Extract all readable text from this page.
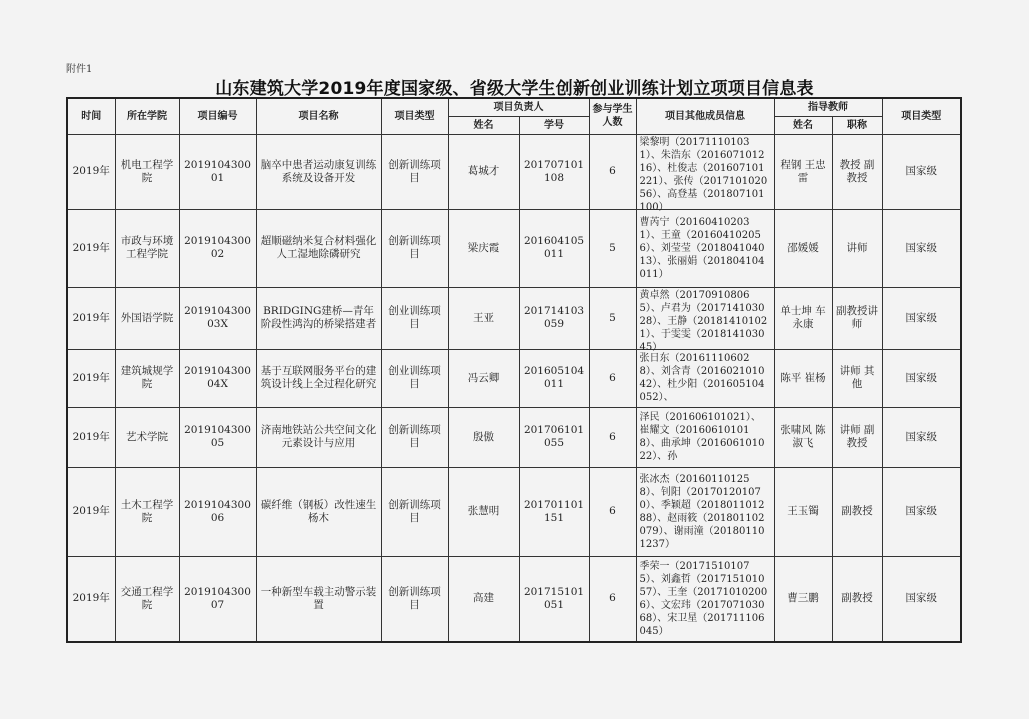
附件1
山东建筑大学2019年度国家级、省级大学生创新创业训练计划立项项目信息表
时间	所在学院	项目编号	项目名称	项目类型	项目负责人		参与学生人数	项目其他成员信息	指导教师		项目类型
					姓名	学号			姓名	职称	
2019年	机电工程学院	201910430001	脑卒中患者运动康复训练系统及设备开发	创新训练项目	葛城才	201707101108	6	梁黎明（201711101031）、朱浩东（201607101216）、杜俊志（201607101221）、张传（201710102056）、高登基（201807101100）	程钢 王忠雷	教授 副教授	国家级
2019年	市政与环境工程学院	201910430002	超顺磁纳米复合材料强化人工湿地除磷研究	创新训练项目	梁庆霞	201604105011	5	曹芮宁（201604102031）、王童（201604102056）、刘莹莹（201804104013）、张丽娟（201804104011）	邵媛媛	讲师	国家级
2019年	外国语学院	201910430003X	BRIDGING建桥—青年阶段性鸿沟的桥梁搭建者	创业训练项目	王亚	201714103059	5	黄卓然（201709108065）、卢君为（201714103028）、王静（201814101021）、于雯雯（201814103045）	单士坤 车永康	副教授讲师	国家级
2019年	建筑城规学院	201910430004X	基于互联网服务平台的建筑设计线上全过程化研究	创业训练项目	冯云卿	201605104011	6	张日东（201611106028）、刘含青（201602101042）、杜少阳（201605104052）、	陈平 崔杨	讲师 其他	国家级
2019年	艺术学院	201910430005	济南地铁站公共空间文化元素设计与应用	创新训练项目	殷傲	201706101055	6	泽民（201606101021）、崔耀文（201606101018）、曲承坤（201606101022）、孙	张啸风 陈淑飞	讲师 副教授	国家级
2019年	土木工程学院	201910430006	碳纤维（钢板）改性速生杨木	创新训练项目	张慧明	201701101151	6	张冰杰（201601101258）、钊阳（201701201070）、季颖超（201801101288）、赵雨筱（201801102079）、谢雨潼（201801101237）	王玉镯	副教授	国家级
2019年	交通工程学院	201910430007	一种新型车载主动警示装置	创新训练项目	高建	201715101051	6	季荣一（201715101075）、刘鑫哲（201715101057）、王奎（201710102006）、文宏玮（201707103068）、宋卫星（201711106045）	曹三鹏	副教授	国家级
